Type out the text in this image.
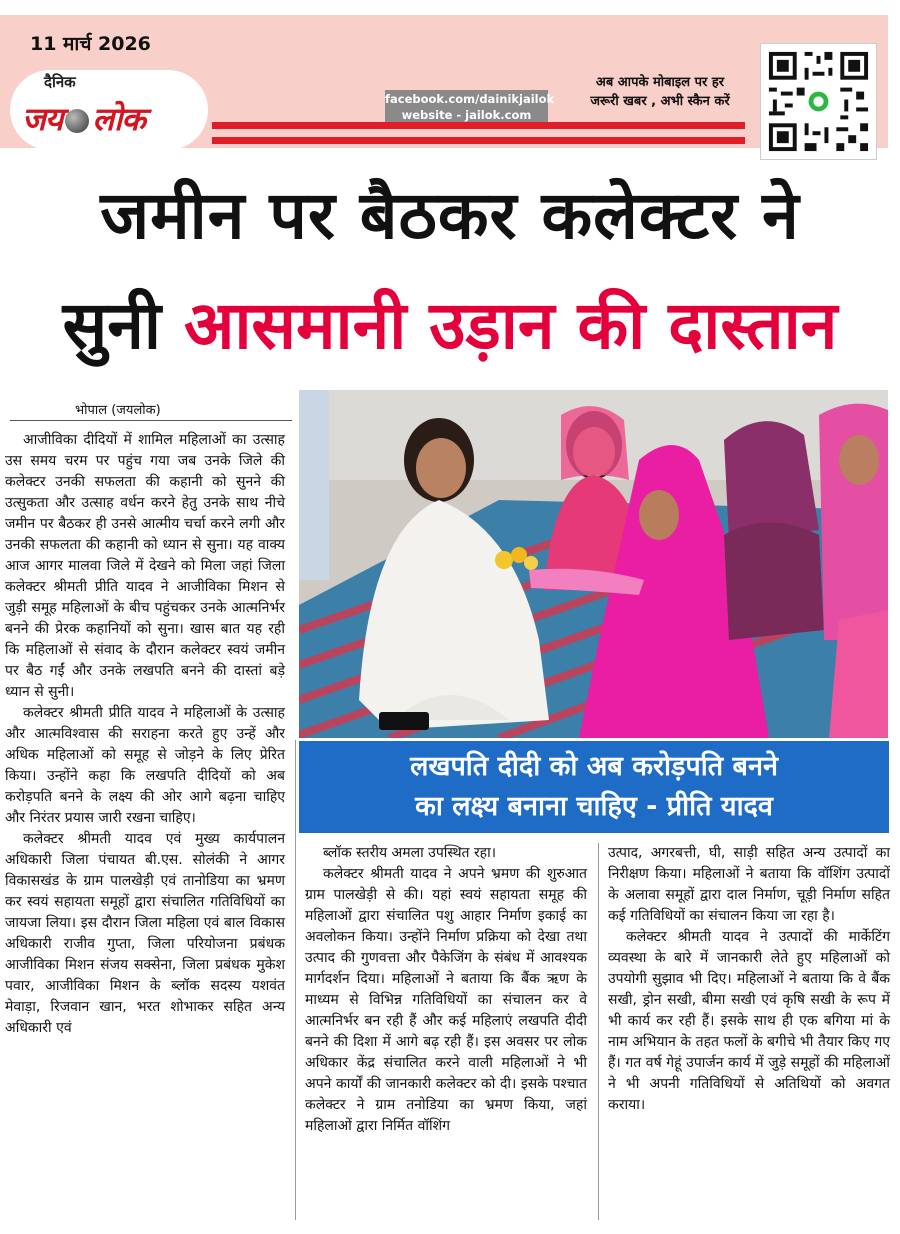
11 मार्च 2026
दैनिक
जय लोक
facebook.com/dainikjailok
website - jailok.com
अब आपके मोबाइल पर हर
जरूरी खबर , अभी स्कैन करें
जमीन पर बैठकर कलेक्टर ने
सुनी आसमानी उड़ान की दास्तान
भोपाल (जयलोक)

आजीविका दीदियों में शामिल महिलाओं का उत्साह उस समय चरम पर पहुंच गया जब उनके जिले की कलेक्टर उनकी सफलता की कहानी को सुनने की उत्सुकता और उत्साह वर्धन करने हेतु उनके साथ नीचे जमीन पर बैठकर ही उनसे आत्मीय चर्चा करने लगी और उनकी सफलता की कहानी को ध्यान से सुना। यह वाक्य आज आगर मालवा जिले में देखने को मिला जहां जिला कलेक्टर श्रीमती प्रीति यादव ने आजीविका मिशन से जुड़ी समूह महिलाओं के बीच पहुंचकर उनके आत्मनिर्भर बनने की प्रेरक कहानियों को सुना। खास बात यह रही कि महिलाओं से संवाद के दौरान कलेक्टर स्वयं जमीन पर बैठ गईं और उनके लखपति बनने की दास्तां बड़े ध्यान से सुनी।

कलेक्टर श्रीमती प्रीति यादव ने महिलाओं के उत्साह और आत्मविश्वास की सराहना करते हुए उन्हें और अधिक महिलाओं को समूह से जोड़ने के लिए प्रेरित किया। उन्होंने कहा कि लखपति दीदियों को अब करोड़पति बनने के लक्ष्य की ओर आगे बढ़ना चाहिए और निरंतर प्रयास जारी रखना चाहिए।

कलेक्टर श्रीमती यादव एवं मुख्य कार्यपालन अधिकारी जिला पंचायत बी.एस. सोलंकी ने आगर विकासखंड के ग्राम पालखेड़ी एवं तानोडिया का भ्रमण कर स्वयं सहायता समूहों द्वारा संचालित गतिविधियों का जायजा लिया। इस दौरान जिला महिला एवं बाल विकास अधिकारी राजीव गुप्ता, जिला परियोजना प्रबंधक आजीविका मिशन संजय सक्सेना, जिला प्रबंधक मुकेश पवार, आजीविका मिशन के ब्लॉक सदस्य यशवंत मेवाड़ा, रिजवान खान, भरत शोभाकर सहित अन्य अधिकारी एवं

लखपति दीदी को अब करोड़पति बनने
का लक्ष्य बनाना चाहिए - प्रीति यादव

ब्लॉक स्तरीय अमला उपस्थित रहा।

कलेक्टर श्रीमती यादव ने अपने भ्रमण की शुरुआत ग्राम पालखेड़ी से की। यहां स्वयं सहायता समूह की महिलाओं द्वारा संचालित पशु आहार निर्माण इकाई का अवलोकन किया। उन्होंने निर्माण प्रक्रिया को देखा तथा उत्पाद की गुणवत्ता और पैकेजिंग के संबंध में आवश्यक मार्गदर्शन दिया। महिलाओं ने बताया कि बैंक ऋण के माध्यम से विभिन्न गतिविधियों का संचालन कर वे आत्मनिर्भर बन रही हैं और कई महिलाएं लखपति दीदी बनने की दिशा में आगे बढ़ रही हैं। इस अवसर पर लोक अधिकार केंद्र संचालित करने वाली महिलाओं ने भी अपने कार्यों की जानकारी कलेक्टर को दी। इसके पश्चात कलेक्टर ने ग्राम तनोडिया का भ्रमण किया, जहां महिलाओं द्वारा निर्मित वॉशिंग

उत्पाद, अगरबत्ती, घी, साड़ी सहित अन्य उत्पादों का निरीक्षण किया। महिलाओं ने बताया कि वॉशिंग उत्पादों के अलावा समूहों द्वारा दाल निर्माण, चूड़ी निर्माण सहित कई गतिविधियों का संचालन किया जा रहा है।

कलेक्टर श्रीमती यादव ने उत्पादों की मार्केटिंग व्यवस्था के बारे में जानकारी लेते हुए महिलाओं को उपयोगी सुझाव भी दिए। महिलाओं ने बताया कि वे बैंक सखी, ड्रोन सखी, बीमा सखी एवं कृषि सखी के रूप में भी कार्य कर रही हैं। इसके साथ ही एक बगिया मां के नाम अभियान के तहत फलों के बगीचे भी तैयार किए गए हैं। गत वर्ष गेहूं उपार्जन कार्य में जुड़े समूहों की महिलाओं ने भी अपनी गतिविधियों से अतिथियों को अवगत कराया।
